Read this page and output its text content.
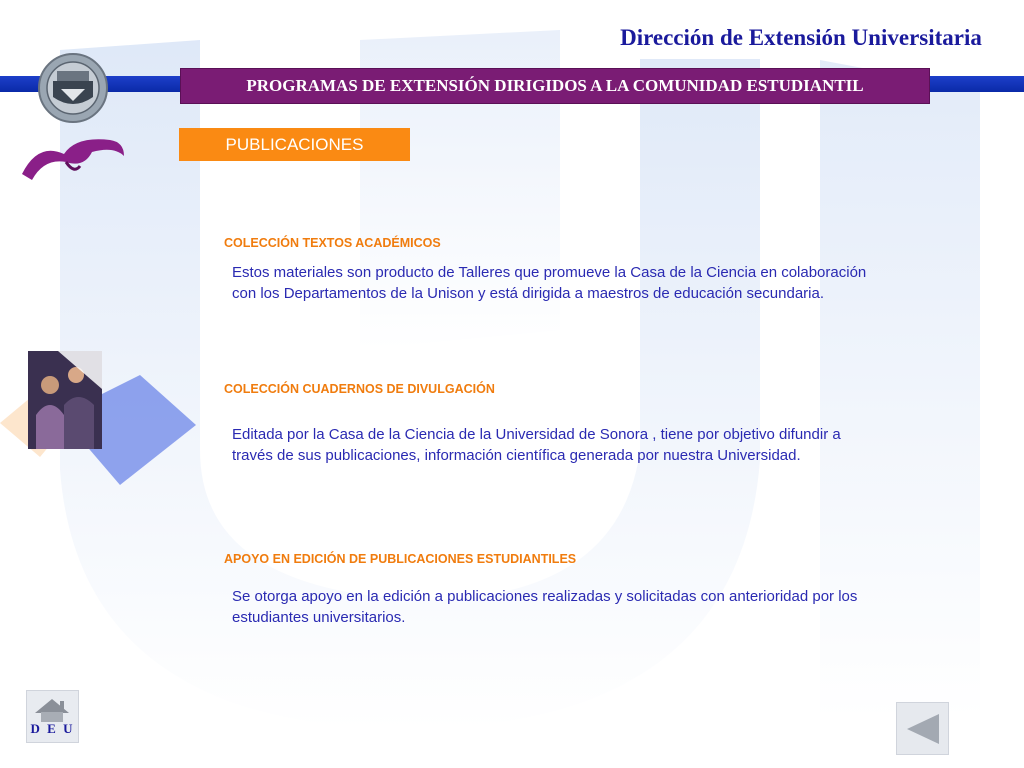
Dirección de Extensión Universitaria
PROGRAMAS DE EXTENSIÓN DIRIGIDOS A LA COMUNIDAD ESTUDIANTIL
PUBLICACIONES
COLECCIÓN TEXTOS ACADÉMICOS
Estos materiales son producto de Talleres que promueve la Casa de la Ciencia en colaboración
con los Departamentos de la Unison y está dirigida a maestros de educación secundaria.
COLECCIÓN CUADERNOS DE DIVULGACIÓN
Editada por la Casa de la Ciencia de la Universidad de Sonora , tiene por objetivo difundir a
través de sus publicaciones, información científica generada por nuestra Universidad.
APOYO EN EDICIÓN DE PUBLICACIONES ESTUDIANTILES
Se otorga apoyo en la edición a publicaciones realizadas y solicitadas con anterioridad por los
estudiantes universitarios.
D E U
